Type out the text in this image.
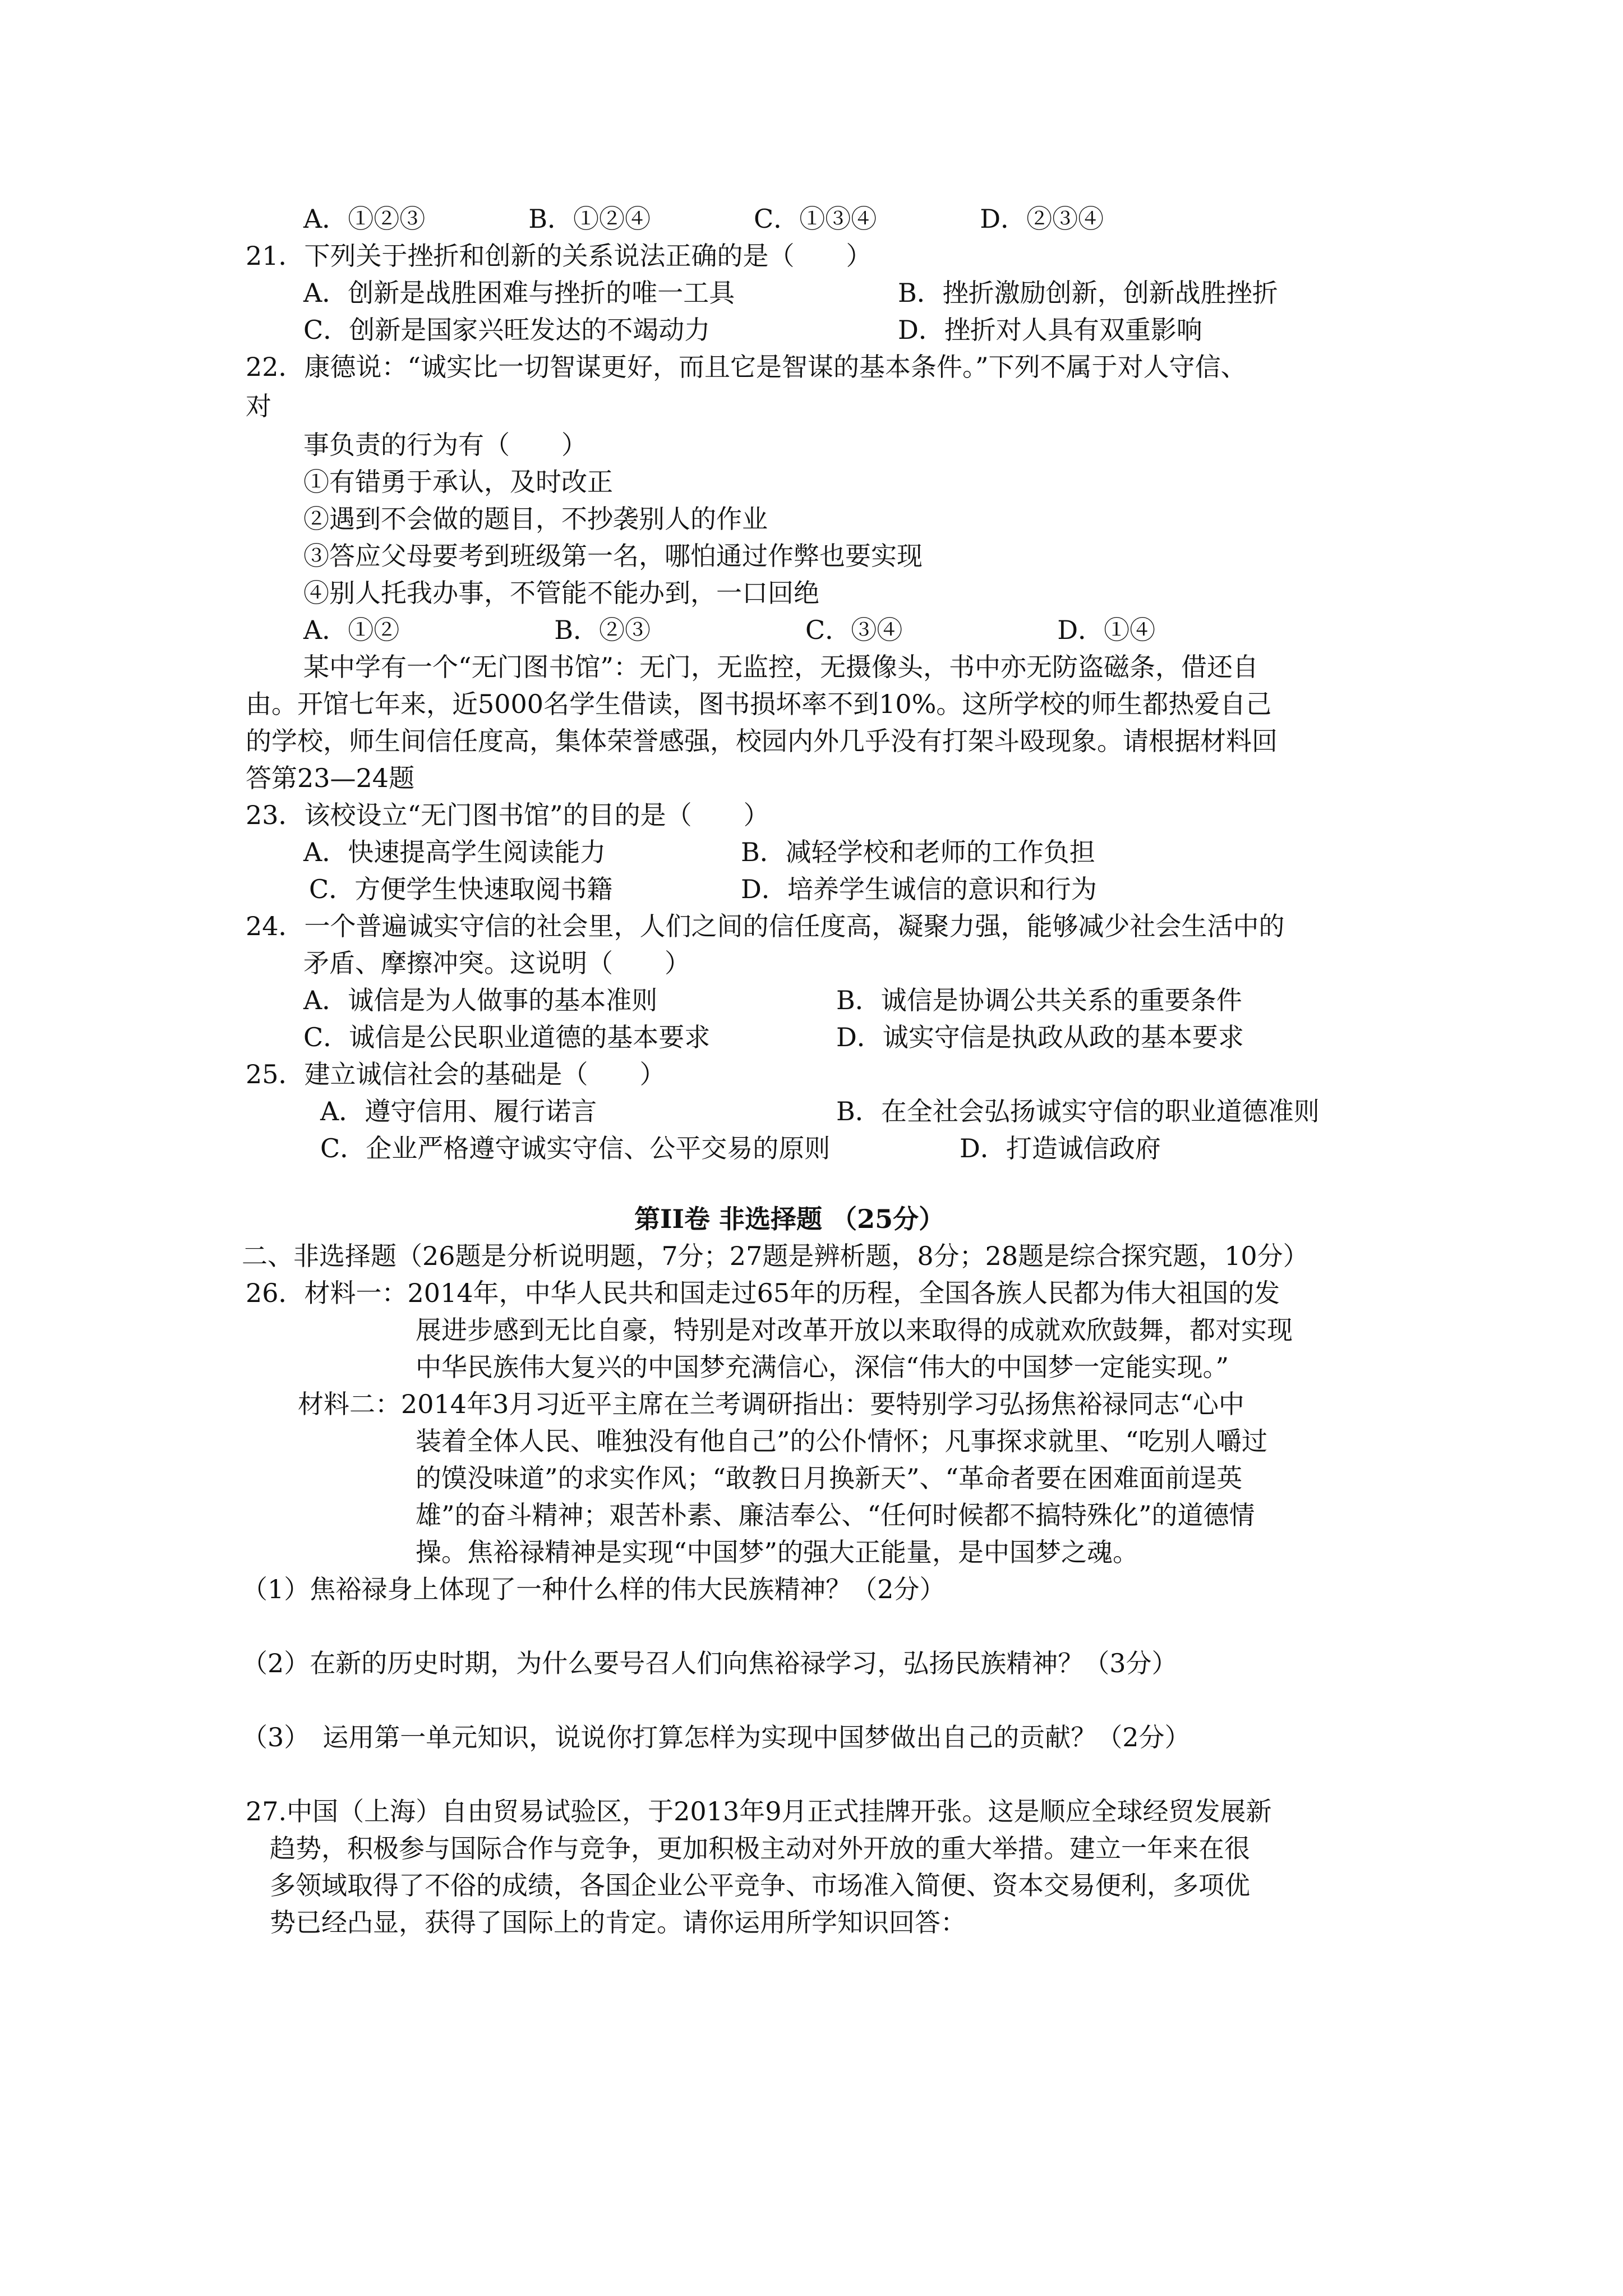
A．①②③　　　　B．①②④　　　　C．①③④　　　　D．②③④
21．下列关于挫折和创新的关系说法正确的是（　　）
A．创新是战胜困难与挫折的唯一工具	B．挫折激励创新，创新战胜挫折
C．创新是国家兴旺发达的不竭动力	D．挫折对人具有双重影响
22．康德说：“诚实比一切智谋更好，而且它是智谋的基本条件。”下列不属于对人守信、
对
事负责的行为有（　　）
①有错勇于承认，及时改正
②遇到不会做的题目，不抄袭别人的作业
③答应父母要考到班级第一名，哪怕通过作弊也要实现
④别人托我办事，不管能不能办到，一口回绝
A．①②　　　　　　B．②③　　　　　　C．③④　　　　　　D．①④
某中学有一个“无门图书馆”：无门，无监控，无摄像头，书中亦无防盗磁条，借还自
由。开馆七年来，近5000名学生借读，图书损坏率不到10%。这所学校的师生都热爱自己
的学校，师生间信任度高，集体荣誉感强，校园内外几乎没有打架斗殴现象。请根据材料回
答第23—24题
23．该校设立“无门图书馆”的目的是（　　）
A．快速提高学生阅读能力	B．减轻学校和老师的工作负担
C．方便学生快速取阅书籍	D．培养学生诚信的意识和行为
24．一个普遍诚实守信的社会里，人们之间的信任度高，凝聚力强，能够减少社会生活中的
矛盾、摩擦冲突。这说明（　　）
A．诚信是为人做事的基本准则	B．诚信是协调公共关系的重要条件
C．诚信是公民职业道德的基本要求	D．诚实守信是执政从政的基本要求
25．建立诚信社会的基础是（　　）
A．遵守信用、履行诺言	B．在全社会弘扬诚实守信的职业道德准则
C．企业严格遵守诚实守信、公平交易的原则	D．打造诚信政府
第II卷 非选择题 （25分）
二、非选择题（26题是分析说明题，7分；27题是辨析题，8分；28题是综合探究题，10分）
26．材料一：2014年，中华人民共和国走过65年的历程，全国各族人民都为伟大祖国的发
展进步感到无比自豪，特别是对改革开放以来取得的成就欢欣鼓舞，都对实现
中华民族伟大复兴的中国梦充满信心，深信“伟大的中国梦一定能实现。”
材料二：2014年3月习近平主席在兰考调研指出：要特别学习弘扬焦裕禄同志“心中
装着全体人民、唯独没有他自己”的公仆情怀；凡事探求就里、“吃别人嚼过
的馍没味道”的求实作风；“敢教日月换新天”、“革命者要在困难面前逞英
雄”的奋斗精神；艰苦朴素、廉洁奉公、“任何时候都不搞特殊化”的道德情
操。焦裕禄精神是实现“中国梦”的强大正能量，是中国梦之魂。
（1）焦裕禄身上体现了一种什么样的伟大民族精神？（2分）
（2）在新的历史时期，为什么要号召人们向焦裕禄学习，弘扬民族精神？（3分）
（3）　运用第一单元知识，说说你打算怎样为实现中国梦做出自己的贡献？（2分）
27.中国（上海）自由贸易试验区，于2013年9月正式挂牌开张。这是顺应全球经贸发展新
趋势，积极参与国际合作与竞争，更加积极主动对外开放的重大举措。建立一年来在很
多领域取得了不俗的成绩，各国企业公平竞争、市场准入简便、资本交易便利，多项优
势已经凸显，获得了国际上的肯定。请你运用所学知识回答：
